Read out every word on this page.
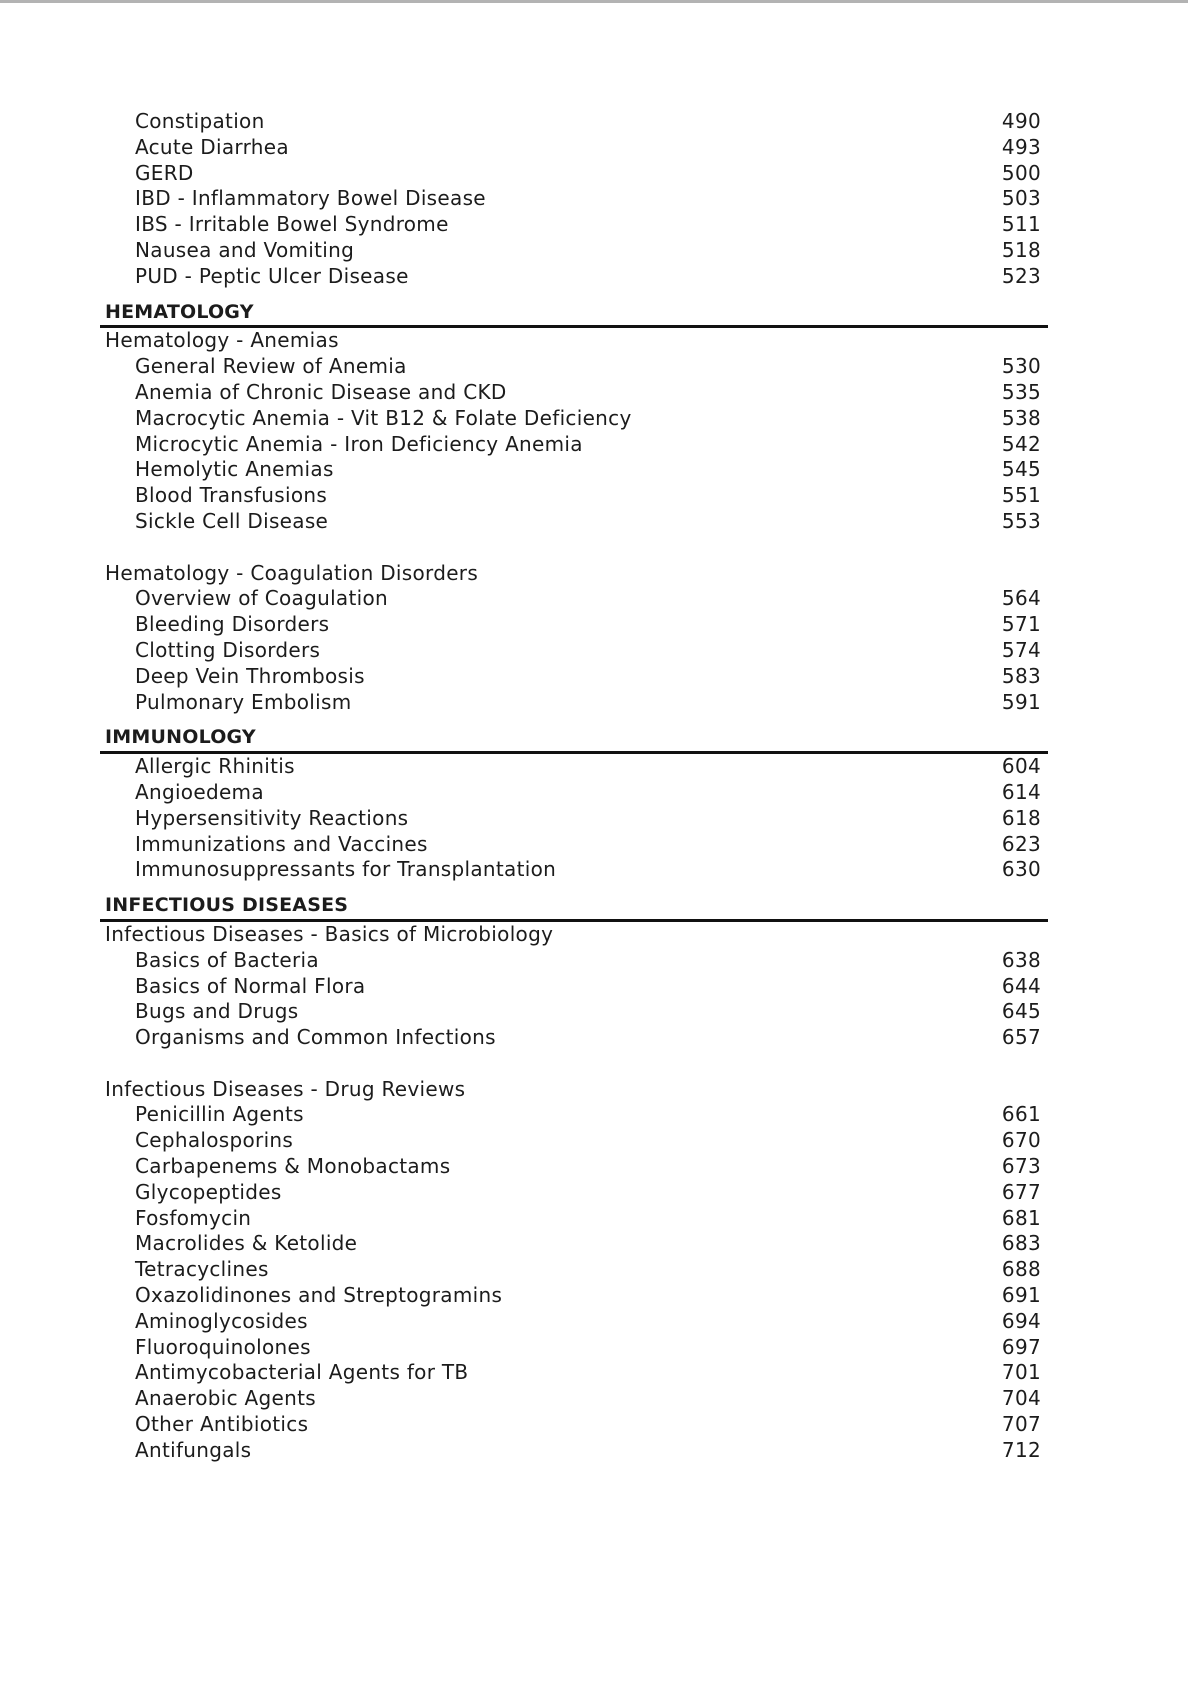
Constipation	490
Acute Diarrhea	493
GERD	500
IBD - Inflammatory Bowel Disease	503
IBS - Irritable Bowel Syndrome	511
Nausea and Vomiting	518
PUD - Peptic Ulcer Disease	523
HEMATOLOGY
Hematology - Anemias
General Review of Anemia	530
Anemia of Chronic Disease and CKD	535
Macrocytic Anemia - Vit B12 & Folate Deficiency	538
Microcytic Anemia - Iron Deficiency Anemia	542
Hemolytic Anemias	545
Blood Transfusions	551
Sickle Cell Disease	553
Hematology - Coagulation Disorders
Overview of Coagulation	564
Bleeding Disorders	571
Clotting Disorders	574
Deep Vein Thrombosis	583
Pulmonary Embolism	591
IMMUNOLOGY
Allergic Rhinitis	604
Angioedema	614
Hypersensitivity Reactions	618
Immunizations and Vaccines	623
Immunosuppressants for Transplantation	630
INFECTIOUS DISEASES
Infectious Diseases - Basics of Microbiology
Basics of Bacteria	638
Basics of Normal Flora	644
Bugs and Drugs	645
Organisms and Common Infections	657
Infectious Diseases - Drug Reviews
Penicillin Agents	661
Cephalosporins	670
Carbapenems & Monobactams	673
Glycopeptides	677
Fosfomycin	681
Macrolides & Ketolide	683
Tetracyclines	688
Oxazolidinones and Streptogramins	691
Aminoglycosides	694
Fluoroquinolones	697
Antimycobacterial Agents for TB	701
Anaerobic Agents	704
Other Antibiotics	707
Antifungals	712
